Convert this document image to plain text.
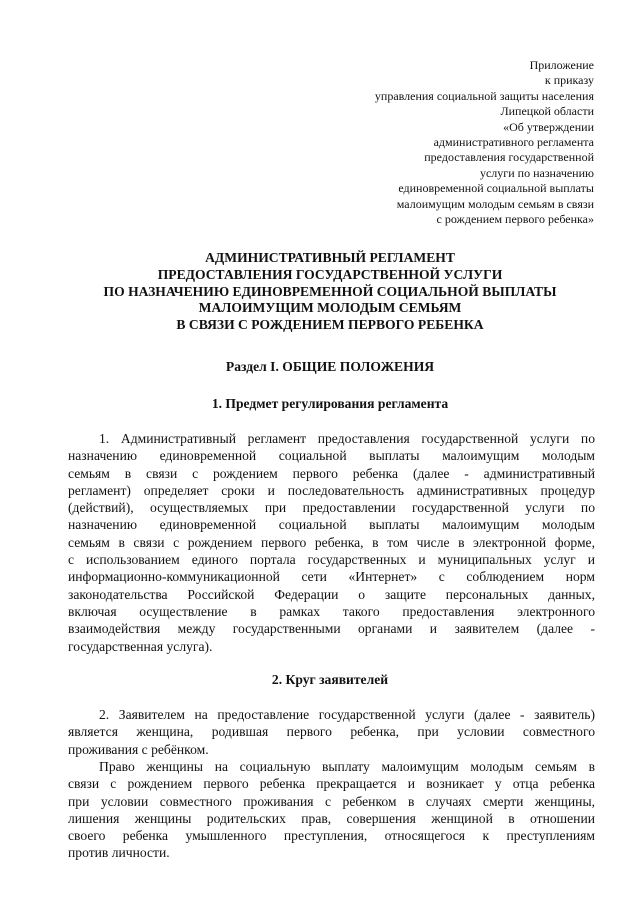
Приложение
к приказу
управления социальной защиты населения
Липецкой области
«Об утверждении
административного регламента
предоставления государственной
услуги по назначению
единовременной социальной выплаты
малоимущим молодым семьям в связи
с рождением первого ребенка»
АДМИНИСТРАТИВНЫЙ РЕГЛАМЕНТ
ПРЕДОСТАВЛЕНИЯ ГОСУДАРСТВЕННОЙ УСЛУГИ
ПО НАЗНАЧЕНИЮ ЕДИНОВРЕМЕННОЙ СОЦИАЛЬНОЙ ВЫПЛАТЫ
МАЛОИМУЩИМ МОЛОДЫМ СЕМЬЯМ
В СВЯЗИ С РОЖДЕНИЕМ ПЕРВОГО РЕБЕНКА
Раздел I. ОБЩИЕ ПОЛОЖЕНИЯ
1. Предмет регулирования регламента
1. Административный регламент предоставления государственной услуги по
назначению единовременной социальной выплаты малоимущим молодым
семьям в связи с рождением первого ребенка (далее - административный
регламент) определяет сроки и последовательность административных процедур
(действий), осуществляемых при предоставлении государственной услуги по
назначению единовременной социальной выплаты малоимущим молодым
семьям в связи с рождением первого ребенка, в том числе в электронной форме,
с использованием единого портала государственных и муниципальных услуг и
информационно-коммуникационной сети «Интернет» с соблюдением норм
законодательства Российской Федерации о защите персональных данных,
включая осуществление в рамках такого предоставления электронного
взаимодействия между государственными органами и заявителем (далее -
государственная услуга).
2. Круг заявителей
2. Заявителем на предоставление государственной услуги (далее - заявитель)
является женщина, родившая первого ребенка, при условии совместного
проживания с ребёнком.
Право женщины на социальную выплату малоимущим молодым семьям в
связи с рождением первого ребенка прекращается и возникает у отца ребенка
при условии совместного проживания с ребенком в случаях смерти женщины,
лишения женщины родительских прав, совершения женщиной в отношении
своего ребенка умышленного преступления, относящегося к преступлениям
против личности.
